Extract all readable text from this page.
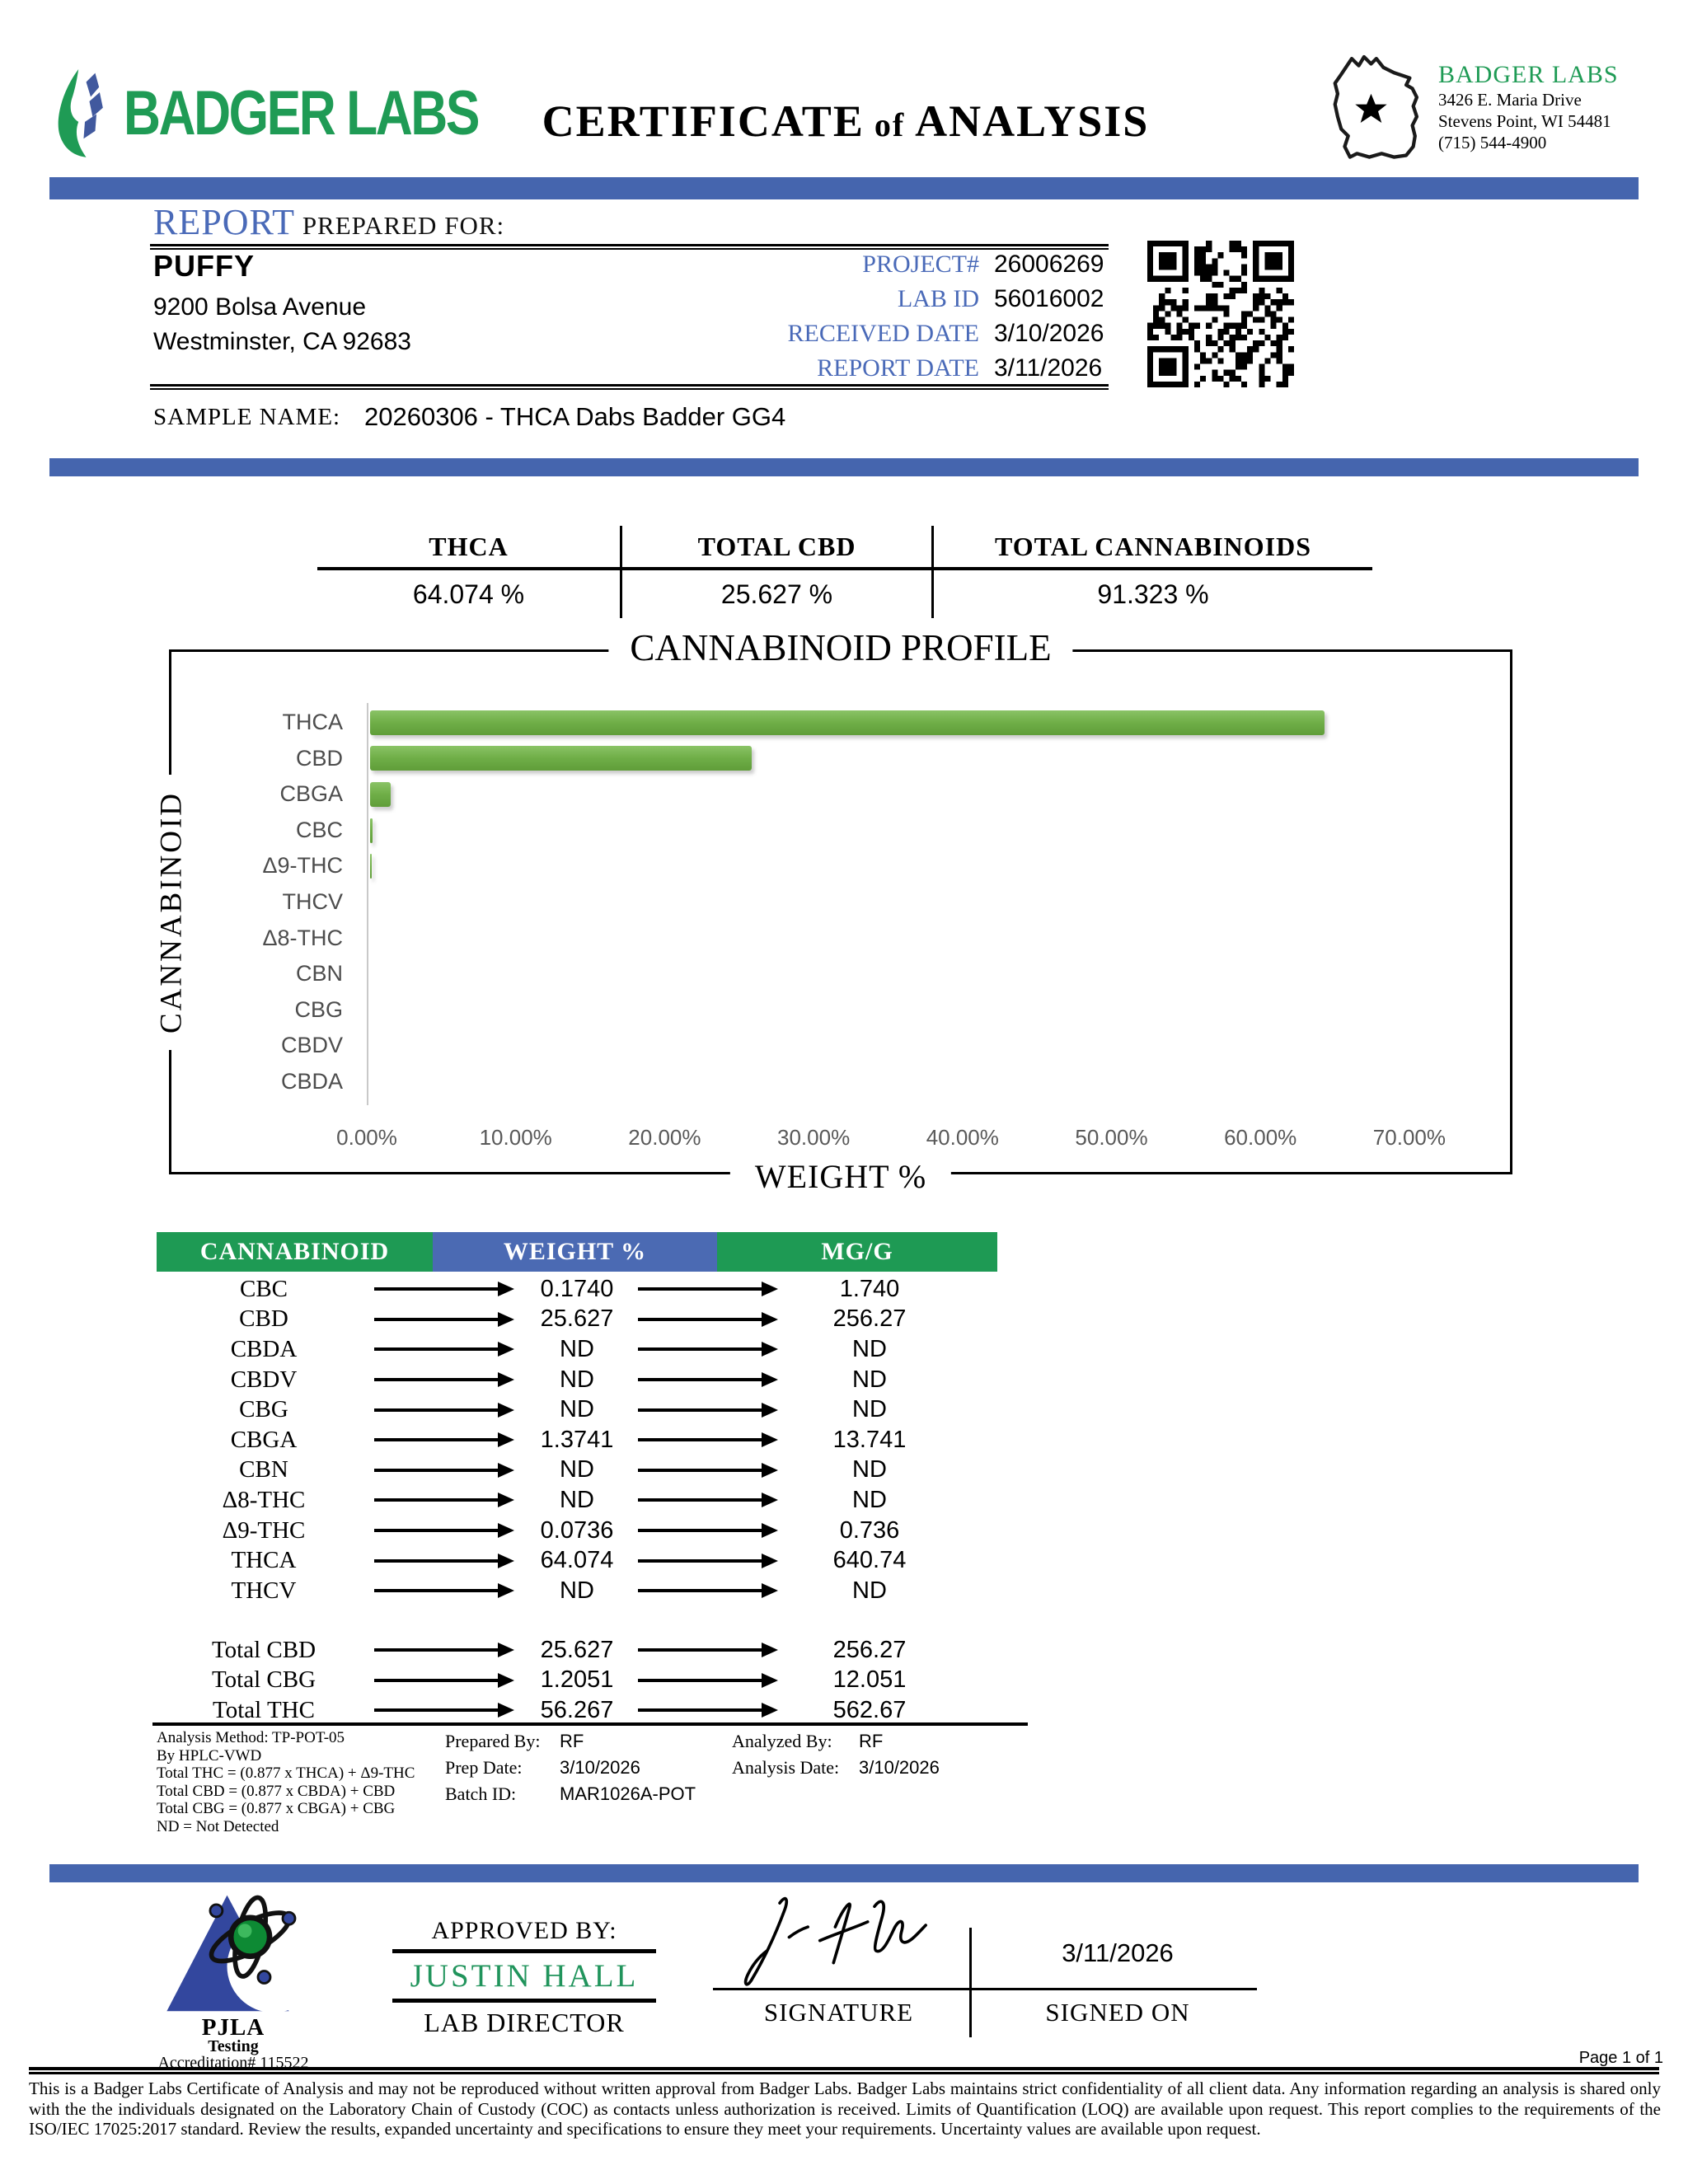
BADGER LABS	CERTIFICATE of ANALYSIS
BADGER LABS
3426 E. Maria Drive
Stevens Point, WI 54481
(715) 544-4900
REPORT PREPARED FOR:
PUFFY
9200 Bolsa Avenue
Westminster, CA 92683
PROJECT# 26006269
LAB ID 56016002
RECEIVED DATE 3/10/2026
REPORT DATE 3/11/2026
SAMPLE NAME: 20260306 - THCA Dabs Badder GG4
THCA	TOTAL CBD	TOTAL CANNABINOIDS
64.074 %	25.627 %	91.323 %
CANNABINOID PROFILE
WEIGHT %
CANNABINOID
THCA
CBD
CBGA
CBC
Δ9-THC
THCV
Δ8-THC
CBN
CBG
CBDV
CBDA
0.00%	10.00%	20.00%	30.00%	40.00%	50.00%	60.00%	70.00%
CANNABINOID	WEIGHT %	MG/G
CBC	0.1740	1.740
CBD	25.627	256.27
CBDA	ND	ND
CBDV	ND	ND
CBG	ND	ND
CBGA	1.3741	13.741
CBN	ND	ND
Δ8-THC	ND	ND
Δ9-THC	0.0736	0.736
THCA	64.074	640.74
THCV	ND	ND
Total CBD	25.627	256.27
Total CBG	1.2051	12.051
Total THC	56.267	562.67
Analysis Method: TP-POT-05
By HPLC-VWD
Total THC = (0.877 x THCA) + Δ9-THC
Total CBD = (0.877 x CBDA) + CBD
Total CBG = (0.877 x CBGA) + CBG
ND = Not Detected
Prepared By:	RF
Prep Date:	3/10/2026
Batch ID:	MAR1026A-POT
Analyzed By:	RF
Analysis Date:	3/10/2026
PJLA
Testing
Accreditation# 115522
APPROVED BY:
JUSTIN HALL
LAB DIRECTOR
3/11/2026
SIGNATURE	SIGNED ON
Page 1 of 1
This is a Badger Labs Certificate of Analysis and may not be reproduced without written approval from Badger Labs. Badger Labs maintains strict confidentiality of all client data. Any information regarding an analysis is shared only with the the individuals designated on the Laboratory Chain of Custody (COC) as contacts unless authorization is received. Limits of Quantification (LOQ) are available upon request. This report complies to the requirements of the ISO/IEC 17025:2017 standard. Review the results, expanded uncertainty and specifications to ensure they meet your requirements. Uncertainty values are available upon request.
